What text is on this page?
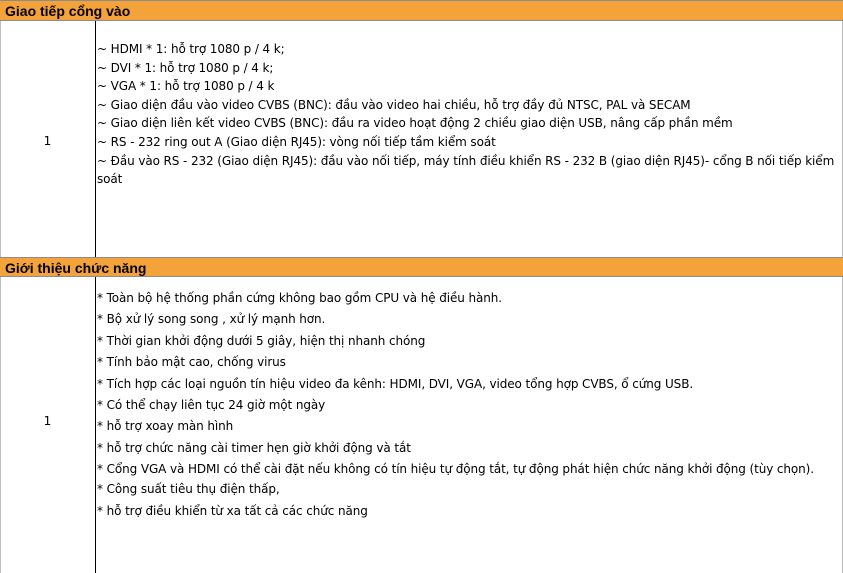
Giao tiếp cổng vào
1
~ HDMI * 1: hỗ trợ 1080 p / 4 k;
~ DVI * 1: hỗ trợ 1080 p / 4 k;
~ VGA * 1: hỗ trợ 1080 p / 4 k
~ Giao diện đầu vào video CVBS (BNC): đầu vào video hai chiều, hỗ trợ đầy đủ NTSC, PAL và SECAM
~ Giao diện liên kết video CVBS (BNC): đầu ra video hoạt động 2 chiều giao diện USB, nâng cấp phần mềm
~ RS - 232 ring out A (Giao diện RJ45): vòng nối tiếp tầm kiểm soát
~ Đầu vào RS - 232 (Giao diện RJ45): đầu vào nối tiếp, máy tính điều khiển RS - 232 B (giao diện RJ45)- cổng B nối tiếp kiểm soát
Giới thiệu chức năng
1
* Toàn bộ hệ thống phần cứng không bao gồm CPU và hệ điều hành.
* Bộ xử lý song song , xử lý mạnh hơn.
* Thời gian khởi động dưới 5 giây, hiện thị nhanh chóng
* Tính bảo mật cao, chống virus
* Tích hợp các loại nguồn tín hiệu video đa kênh: HDMI, DVI, VGA, video tổng hợp CVBS, ổ cứng USB.
* Có thể chạy liên tục 24 giờ một ngày
* hỗ trợ xoay màn hình
* hỗ trợ chức năng cài timer hẹn giờ khởi động và tắt
* Cổng VGA và HDMI có thể cài đặt nếu không có tín hiệu tự động tắt, tự động phát hiện chức năng khởi động (tùy chọn).
* Công suất tiêu thụ điện thấp,
* hỗ trợ điều khiển từ xa tất cả các chức năng
